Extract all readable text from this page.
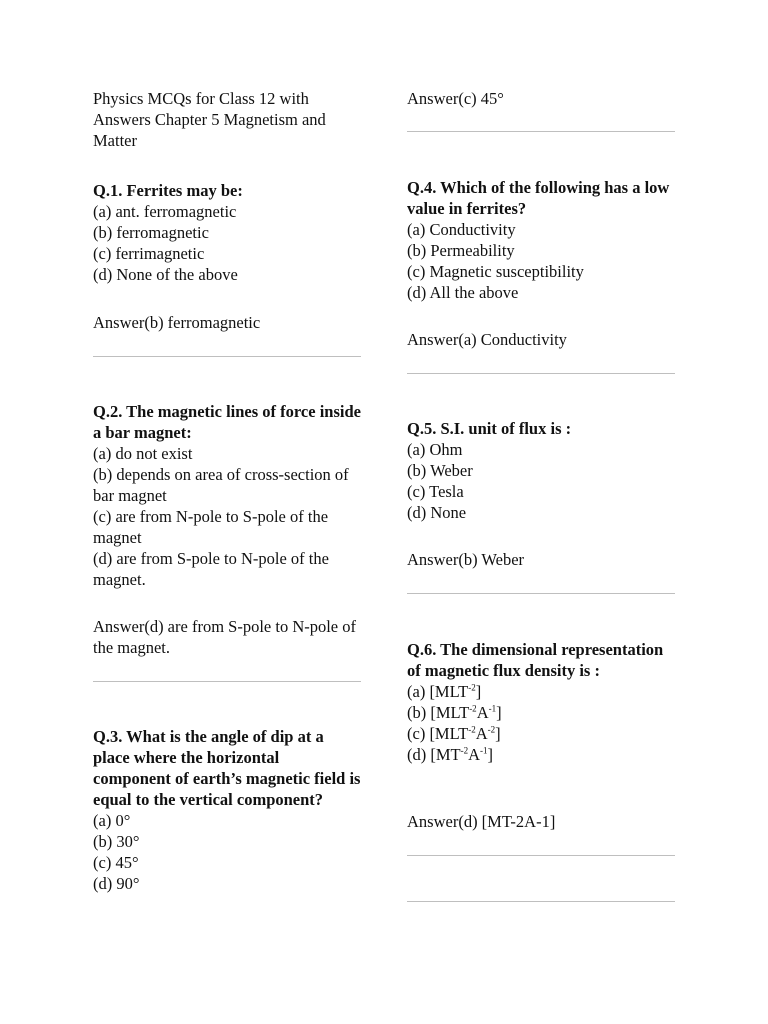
Physics MCQs for Class 12 with Answers Chapter 5 Magnetism and Matter
Q.1. Ferrites may be:
(a) ant. ferromagnetic
(b) ferromagnetic
(c) ferrimagnetic
(d) None of the above
Answer(b) ferromagnetic
Q.2. The magnetic lines of force inside a bar magnet:
(a) do not exist
(b) depends on area of cross-section of bar magnet
(c) are from N-pole to S-pole of the magnet
(d) are from S-pole to N-pole of the magnet.
Answer(d) are from S-pole to N-pole of the magnet.
Q.3. What is the angle of dip at a place where the horizontal component of earth’s magnetic field is equal to the vertical component?
(a) 0°
(b) 30°
(c) 45°
(d) 90°
Answer(c) 45°
Q.4. Which of the following has a low value in ferrites?
(a) Conductivity
(b) Permeability
(c) Magnetic susceptibility
(d) All the above
Answer(a) Conductivity
Q.5. S.I. unit of flux is :
(a) Ohm
(b) Weber
(c) Tesla
(d) None
Answer(b) Weber
Q.6. The dimensional representation of magnetic flux density is :
(a) $[MLT^{-2}]$
(b) $[MLT^{-2}A^{-1}]$
(c) $[MLT^{-2}A^{-2}]$
(d) $[MT^{-2}A^{-1}]$
Answer(d) [MT-2A-1]
